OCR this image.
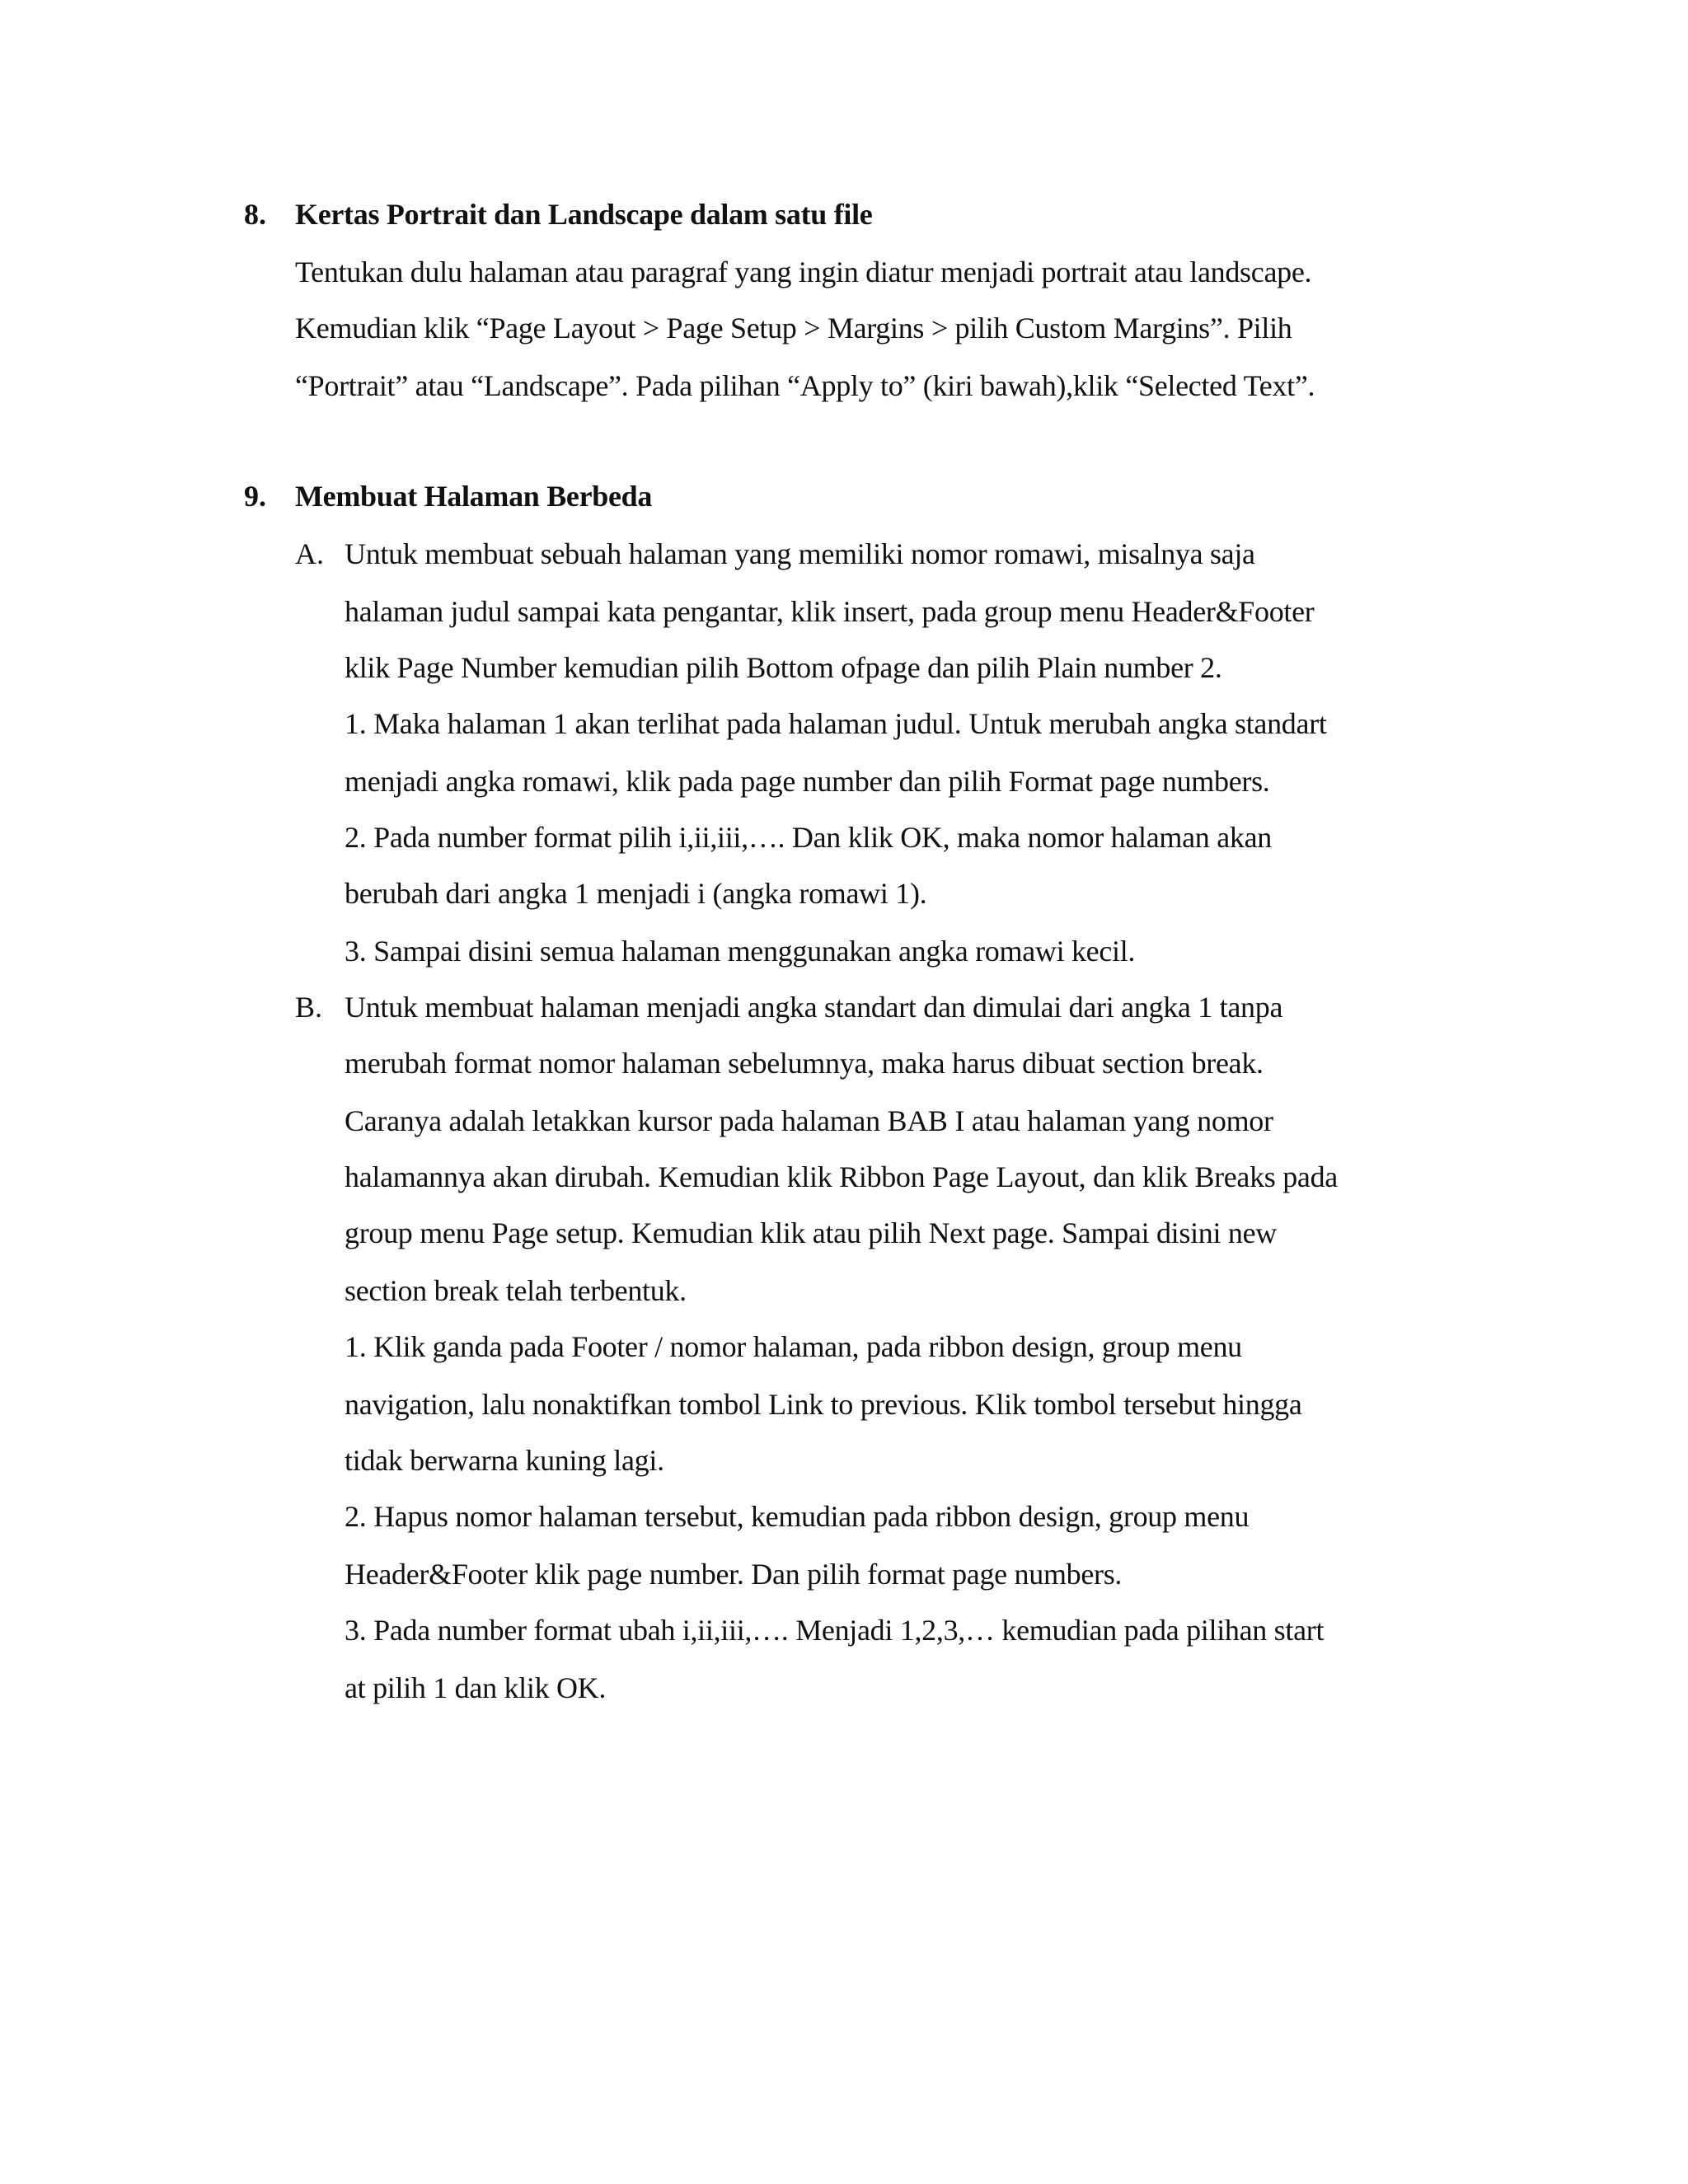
8. Kertas Portrait dan Landscape dalam satu file
Tentukan dulu halaman atau paragraf yang ingin diatur menjadi portrait atau landscape.
Kemudian klik “Page Layout > Page Setup > Margins > pilih Custom Margins”. Pilih
“Portrait” atau “Landscape”. Pada pilihan “Apply to” (kiri bawah),klik “Selected Text”.
9. Membuat Halaman Berbeda
A. Untuk membuat sebuah halaman yang memiliki nomor romawi, misalnya saja
halaman judul sampai kata pengantar, klik insert, pada group menu Header&Footer
klik Page Number kemudian pilih Bottom ofpage dan pilih Plain number 2.
1. Maka halaman 1 akan terlihat pada halaman judul. Untuk merubah angka standart
menjadi angka romawi, klik pada page number dan pilih Format page numbers.
2. Pada number format pilih i,ii,iii,…. Dan klik OK, maka nomor halaman akan
berubah dari angka 1 menjadi i (angka romawi 1).
3. Sampai disini semua halaman menggunakan angka romawi kecil.
B. Untuk membuat halaman menjadi angka standart dan dimulai dari angka 1 tanpa
merubah format nomor halaman sebelumnya, maka harus dibuat section break.
Caranya adalah letakkan kursor pada halaman BAB I atau halaman yang nomor
halamannya akan dirubah. Kemudian klik Ribbon Page Layout, dan klik Breaks pada
group menu Page setup. Kemudian klik atau pilih Next page. Sampai disini new
section break telah terbentuk.
1. Klik ganda pada Footer / nomor halaman, pada ribbon design, group menu
navigation, lalu nonaktifkan tombol Link to previous. Klik tombol tersebut hingga
tidak berwarna kuning lagi.
2. Hapus nomor halaman tersebut, kemudian pada ribbon design, group menu
Header&Footer klik page number. Dan pilih format page numbers.
3. Pada number format ubah i,ii,iii,…. Menjadi 1,2,3,… kemudian pada pilihan start
at pilih 1 dan klik OK.
